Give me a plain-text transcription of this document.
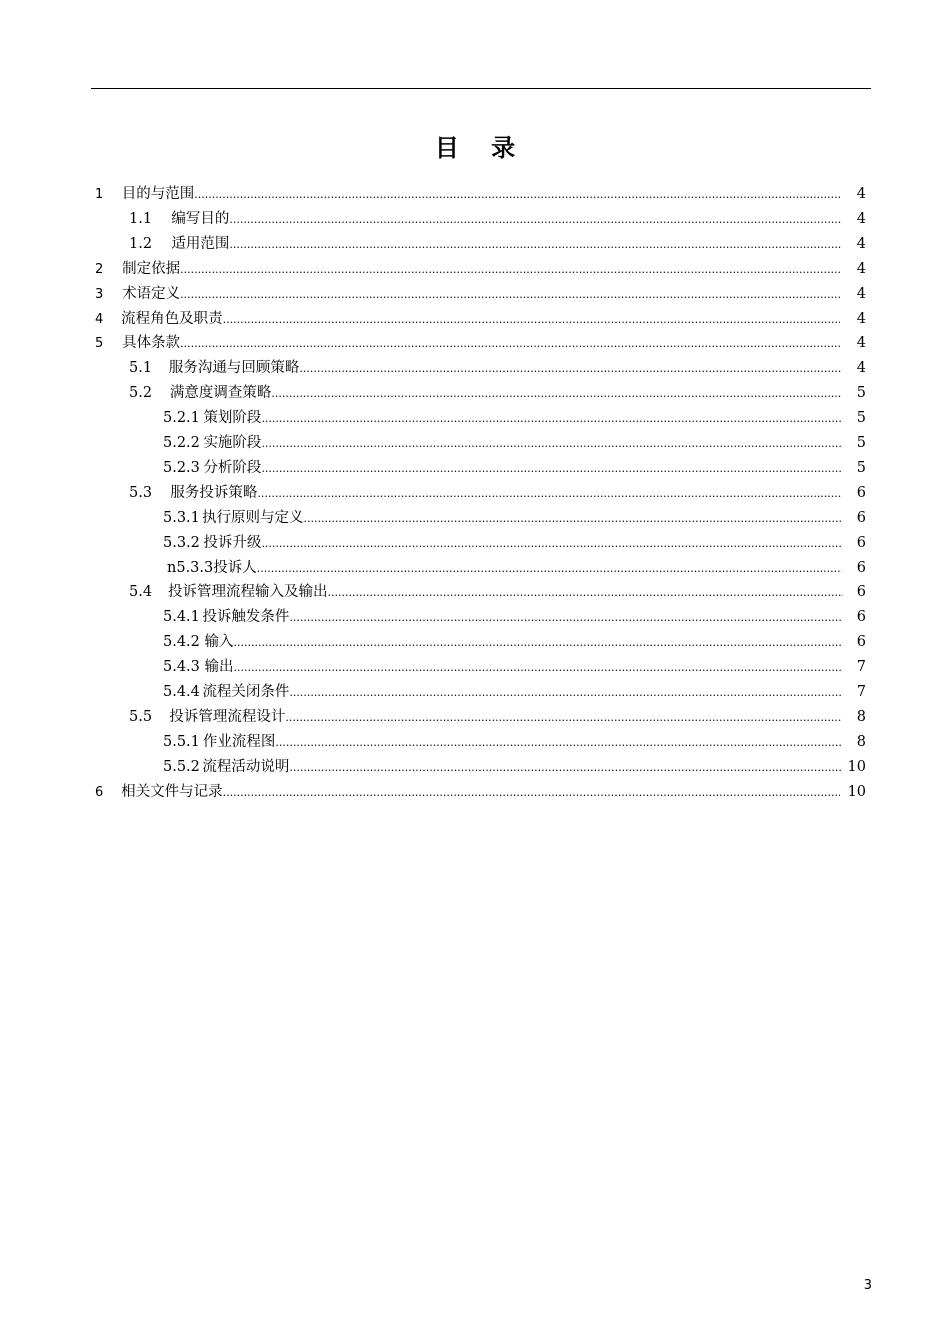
目 录
1	目的与范围 .....	4
1.1	编写目的 .....	4
1.2	适用范围 .....	4
2	制定依据 .....	4
3	术语定义 .....	4
4	流程角色及职责 .....	4
5	具体条款 .....	4
5.1	服务沟通与回顾策略 .....	4
5.2	满意度调查策略 .....	5
5.2.1 策划阶段 .....	5
5.2.2 实施阶段 .....	5
5.2.3 分析阶段 .....	5
5.3	服务投诉策略 .....	6
5.3.1 执行原则与定义 .....	6
5.3.2 投诉升级 .....	6
n5.3.3 投诉人 .....	6
5.4	投诉管理流程输入及输出 .....	6
5.4.1 投诉触发条件 .....	6
5.4.2 输入 .....	6
5.4.3 输出 .....	7
5.4.4 流程关闭条件 .....	7
5.5	投诉管理流程设计 .....	8
5.5.1 作业流程图 .....	8
5.5.2 流程活动说明 .....	10
6	相关文件与记录 .....	10
3
